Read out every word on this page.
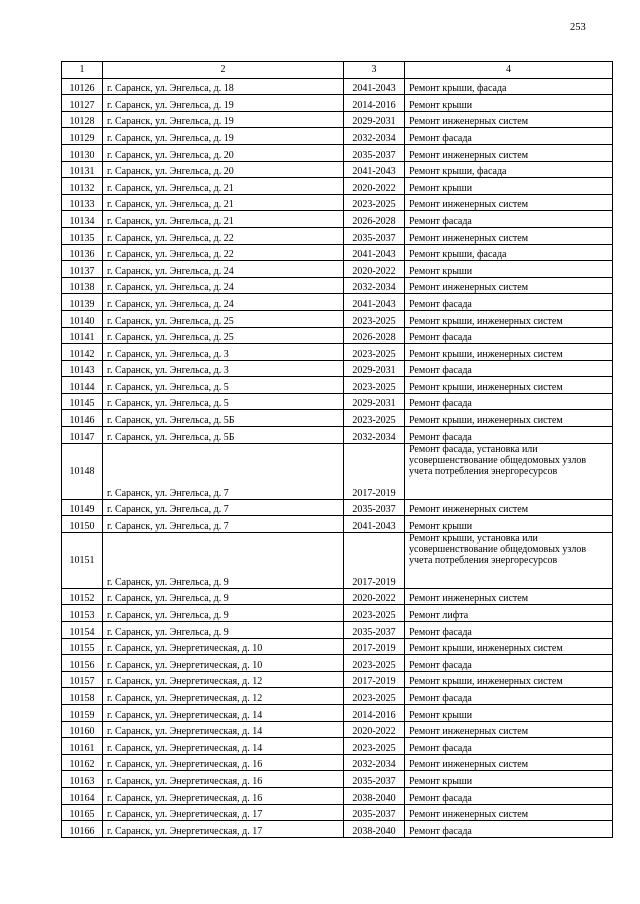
253
1	2	3	4
10126	г. Саранск, ул. Энгельса, д. 18	2041-2043	Ремонт крыши, фасада
10127	г. Саранск, ул. Энгельса, д. 19	2014-2016	Ремонт крыши
10128	г. Саранск, ул. Энгельса, д. 19	2029-2031	Ремонт инженерных систем
10129	г. Саранск, ул. Энгельса, д. 19	2032-2034	Ремонт фасада
10130	г. Саранск, ул. Энгельса, д. 20	2035-2037	Ремонт инженерных систем
10131	г. Саранск, ул. Энгельса, д. 20	2041-2043	Ремонт крыши, фасада
10132	г. Саранск, ул. Энгельса, д. 21	2020-2022	Ремонт крыши
10133	г. Саранск, ул. Энгельса, д. 21	2023-2025	Ремонт инженерных систем
10134	г. Саранск, ул. Энгельса, д. 21	2026-2028	Ремонт фасада
10135	г. Саранск, ул. Энгельса, д. 22	2035-2037	Ремонт инженерных систем
10136	г. Саранск, ул. Энгельса, д. 22	2041-2043	Ремонт крыши, фасада
10137	г. Саранск, ул. Энгельса, д. 24	2020-2022	Ремонт крыши
10138	г. Саранск, ул. Энгельса, д. 24	2032-2034	Ремонт инженерных систем
10139	г. Саранск, ул. Энгельса, д. 24	2041-2043	Ремонт фасада
10140	г. Саранск, ул. Энгельса, д. 25	2023-2025	Ремонт крыши, инженерных систем
10141	г. Саранск, ул. Энгельса, д. 25	2026-2028	Ремонт фасада
10142	г. Саранск, ул. Энгельса, д. 3	2023-2025	Ремонт крыши, инженерных систем
10143	г. Саранск, ул. Энгельса, д. 3	2029-2031	Ремонт фасада
10144	г. Саранск, ул. Энгельса, д. 5	2023-2025	Ремонт крыши, инженерных систем
10145	г. Саранск, ул. Энгельса, д. 5	2029-2031	Ремонт фасада
10146	г. Саранск, ул. Энгельса, д. 5Б	2023-2025	Ремонт крыши, инженерных систем
10147	г. Саранск, ул. Энгельса, д. 5Б	2032-2034	Ремонт фасада
10148	г. Саранск, ул. Энгельса, д. 7	2017-2019	Ремонт фасада, установка или усовершенствование общедомовых узлов учета потребления энергоресурсов
10149	г. Саранск, ул. Энгельса, д. 7	2035-2037	Ремонт инженерных систем
10150	г. Саранск, ул. Энгельса, д. 7	2041-2043	Ремонт крыши
10151	г. Саранск, ул. Энгельса, д. 9	2017-2019	Ремонт крыши, установка или усовершенствование общедомовых узлов учета потребления энергоресурсов
10152	г. Саранск, ул. Энгельса, д. 9	2020-2022	Ремонт инженерных систем
10153	г. Саранск, ул. Энгельса, д. 9	2023-2025	Ремонт лифта
10154	г. Саранск, ул. Энгельса, д. 9	2035-2037	Ремонт фасада
10155	г. Саранск, ул. Энергетическая, д. 10	2017-2019	Ремонт крыши, инженерных систем
10156	г. Саранск, ул. Энергетическая, д. 10	2023-2025	Ремонт фасада
10157	г. Саранск, ул. Энергетическая, д. 12	2017-2019	Ремонт крыши, инженерных систем
10158	г. Саранск, ул. Энергетическая, д. 12	2023-2025	Ремонт фасада
10159	г. Саранск, ул. Энергетическая, д. 14	2014-2016	Ремонт крыши
10160	г. Саранск, ул. Энергетическая, д. 14	2020-2022	Ремонт инженерных систем
10161	г. Саранск, ул. Энергетическая, д. 14	2023-2025	Ремонт фасада
10162	г. Саранск, ул. Энергетическая, д. 16	2032-2034	Ремонт инженерных систем
10163	г. Саранск, ул. Энергетическая, д. 16	2035-2037	Ремонт крыши
10164	г. Саранск, ул. Энергетическая, д. 16	2038-2040	Ремонт фасада
10165	г. Саранск, ул. Энергетическая, д. 17	2035-2037	Ремонт инженерных систем
10166	г. Саранск, ул. Энергетическая, д. 17	2038-2040	Ремонт фасада
